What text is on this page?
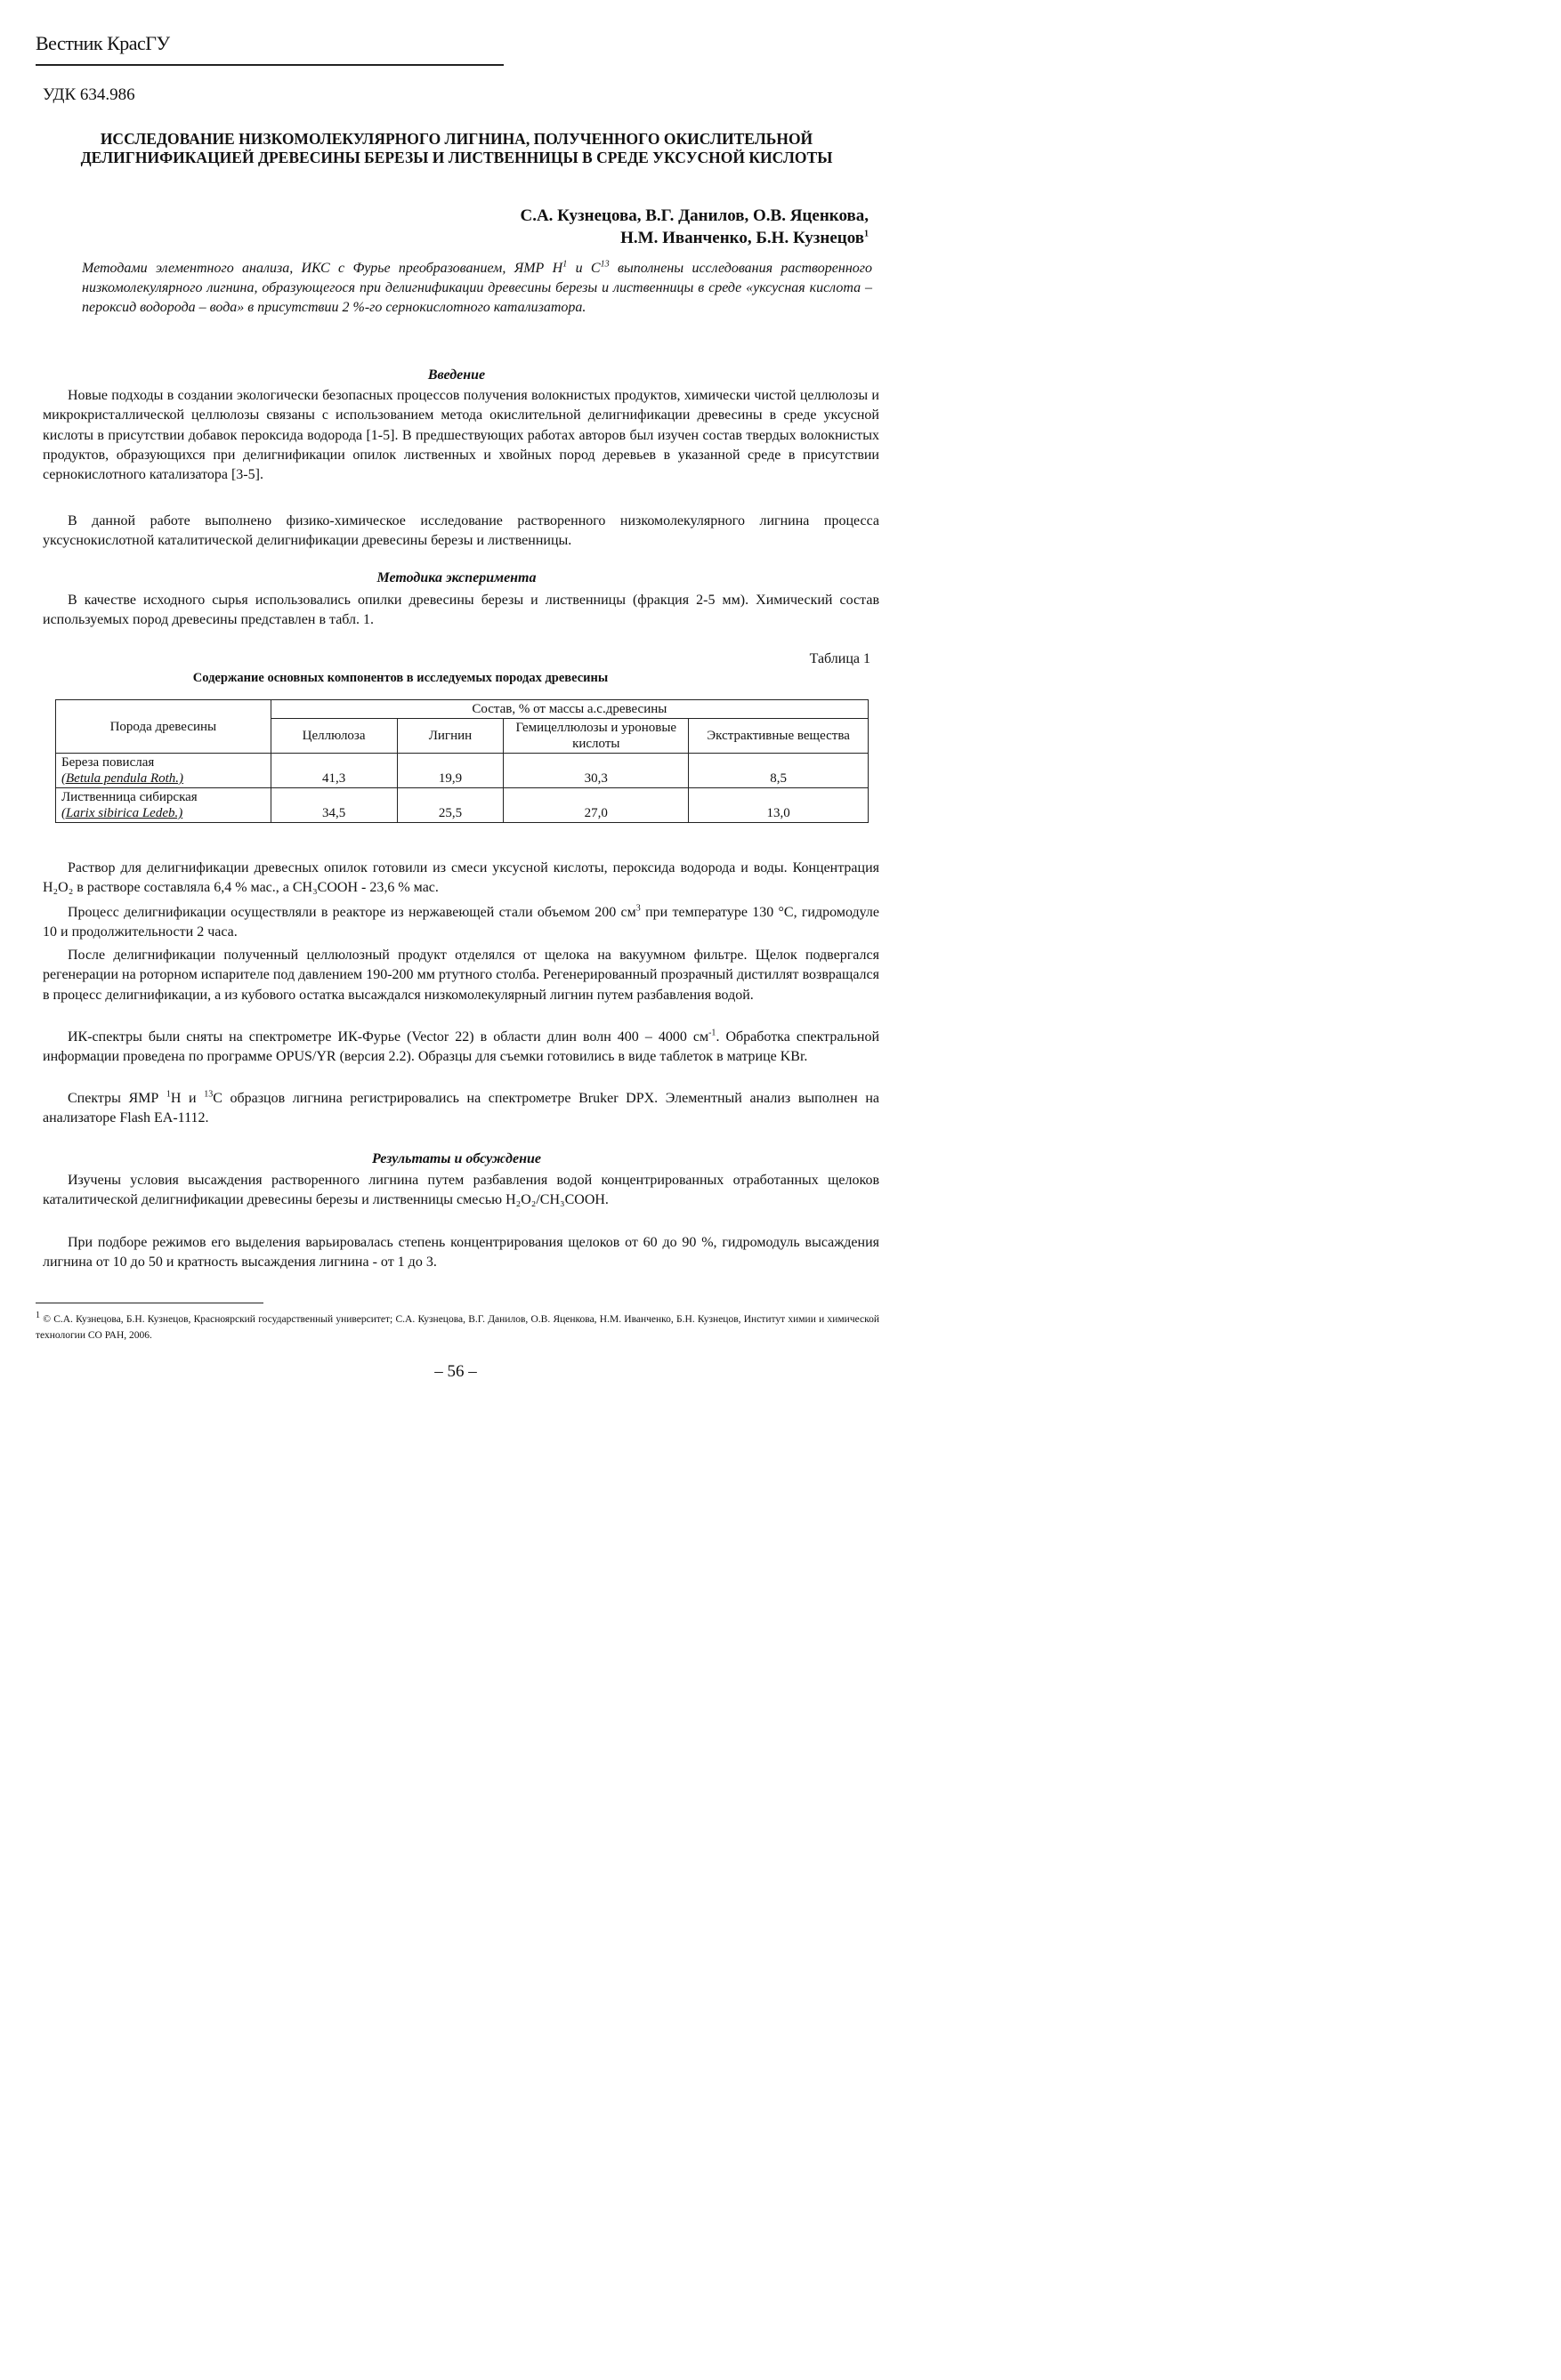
Вестник КрасГУ
УДК 634.986
ИССЛЕДОВАНИЕ НИЗКОМОЛЕКУЛЯРНОГО ЛИГНИНА, ПОЛУЧЕННОГО ОКИСЛИТЕЛЬНОЙ ДЕЛИГНИФИКАЦИЕЙ ДРЕВЕСИНЫ БЕРЕЗЫ И ЛИСТВЕННИЦЫ В СРЕДЕ УКСУСНОЙ КИСЛОТЫ
С.А. Кузнецова, В.Г. Данилов, О.В. Яценкова,
Н.М. Иванченко, Б.Н. Кузнецов$^1$
Методами элементного анализа, ИКС с Фурье преобразованием, ЯМР $Н^1$ и $С^{13}$ выполнены исследования растворенного низкомолекулярного лигнина, образующегося при делигнификации древесины березы и лиственницы в среде «уксусная кислота – пероксид водорода – вода» в присутствии 2 %-го сернокислотного катализатора.
Введение

Новые подходы в создании экологически безопасных процессов получения волокнистых продуктов, химически чистой целлюлозы и микрокристаллической целлюлозы связаны с использованием метода окислительной делигнификации древесины в среде уксусной кислоты в присутствии добавок пероксида водорода [1-5]. В предшествующих работах авторов был изучен состав твердых волокнистых продуктов, образующихся при делигнификации опилок лиственных и хвойных пород деревьев в указанной среде в присутствии сернокислотного катализатора [3-5].

В данной работе выполнено физико-химическое исследование растворенного низкомолекулярного лигнина процесса уксуснокислотной каталитической делигнификации древесины березы и лиственницы.

Методика эксперимента

В качестве исходного сырья использовались опилки древесины березы и лиственницы (фракция 2-5 мм). Химический состав используемых пород древесины представлен в табл. 1.

Таблица 1
Содержание основных компонентов в исследуемых породах древесины
Порода древесины	Состав, % от массы а.с.древесины			
	Целлюлоза	Лигнин	Гемицеллюлозы и уроновые кислоты	Экстрактивные вещества

Береза повислая
(Betula pendula Roth.)	41,3	19,9	30,3	8,5

Лиственница сибирская
(Larix sibirica Ledeb.)	34,5	25,5	27,0	13,0

Раствор для делигнификации древесных опилок готовили из смеси уксусной кислоты, пероксида водорода и воды. Концентрация H₂O₂ в растворе составляла 6,4 % мас., а CH₃COOH - 23,6 % мас.

Процесс делигнификации осуществляли в реакторе из нержавеющей стали объемом 200 $см^3$ при температуре 130 °С, гидромодуле 10 и продолжительности 2 часа.

После делигнификации полученный целлюлозный продукт отделялся от щелока на вакуумном фильтре. Щелок подвергался регенерации на роторном испарителе под давлением 190-200 мм ртутного столба. Регенерированный прозрачный дистиллят возвращался в процесс делигнификации, а из кубового остатка высаждался низкомолекулярный лигнин путем разбавления водой.

ИК-спектры были сняты на спектрометре ИК-Фурье (Vector 22) в области длин волн 400 – 4000 $см^{-1}$. Обработка спектральной информации проведена по программе OPUS/YR (версия 2.2). Образцы для съемки готовились в виде таблеток в матрице KBr.

Спектры ЯМР $^1$Н и $^{13}$С образцов лигнина регистрировались на спектрометре Bruker DPX. Элементный анализ выполнен на анализаторе Flash EA-1112.

Результаты и обсуждение

Изучены условия высаждения растворенного лигнина путем разбавления водой концентрированных отработанных щелоков каталитической делигнификации древесины березы и лиственницы смесью H₂O₂/CH₃COOH.

При подборе режимов его выделения варьировалась степень концентрирования щелоков от 60 до 90 %, гидромодуль высаждения лигнина от 10 до 50 и кратность высаждения лигнина - от 1 до 3.

$^1$ © С.А. Кузнецова, Б.Н. Кузнецов, Красноярский государственный университет; С.А. Кузнецова, В.Г. Данилов, О.В. Яценкова, Н.М. Иванченко, Б.Н. Кузнецов, Институт химии и химической технологии СО РАН, 2006.
– 56 –
